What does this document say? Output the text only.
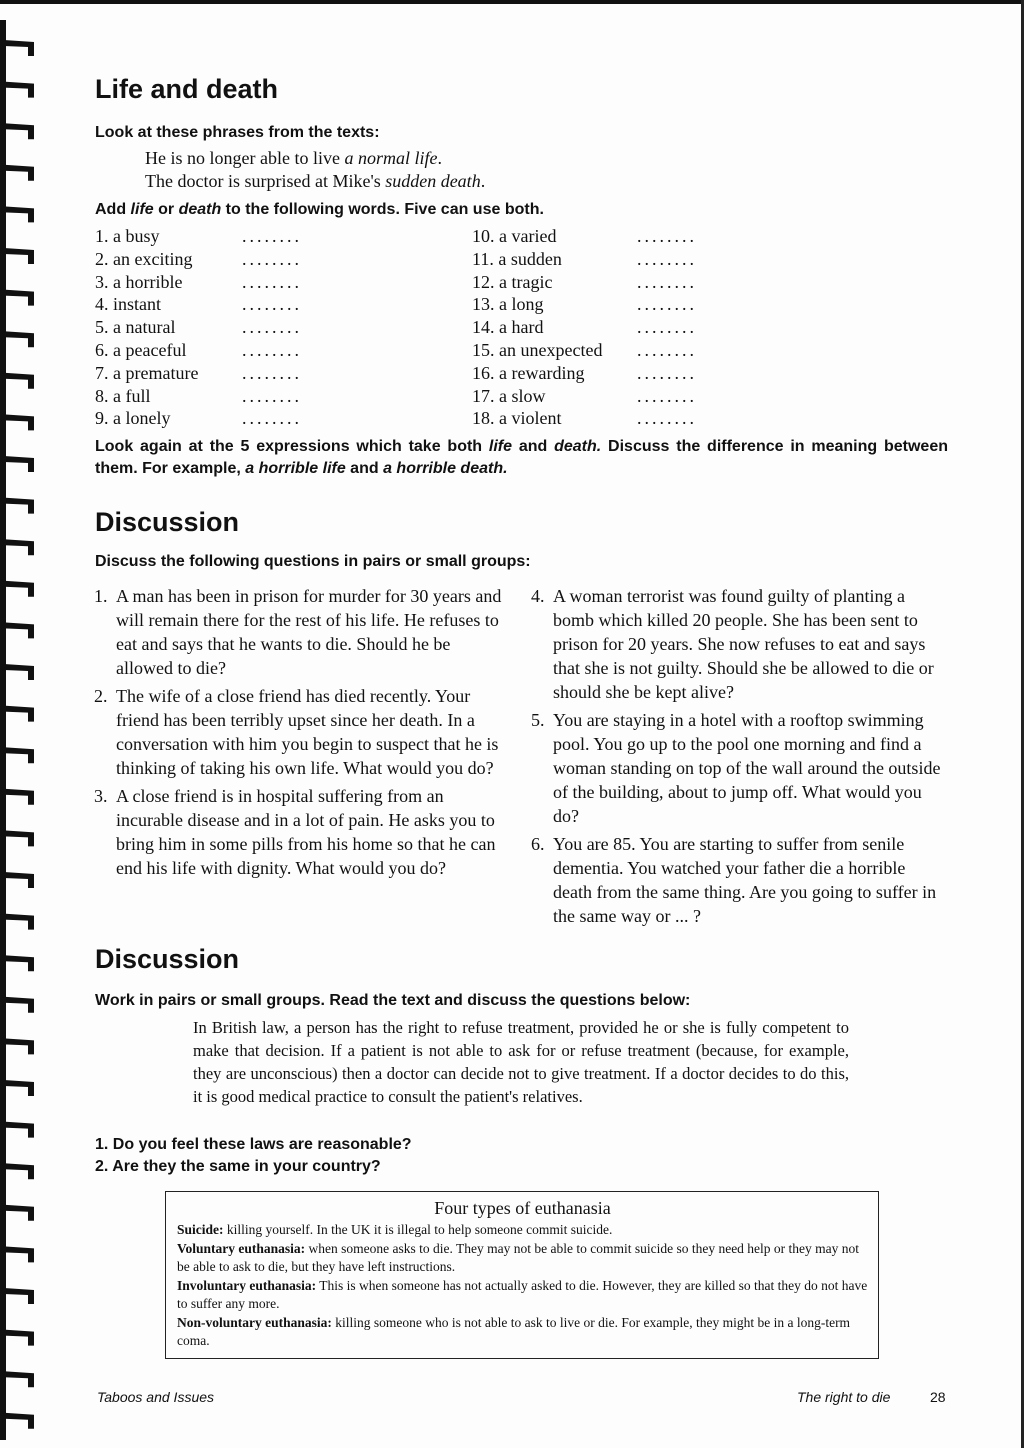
Life and death

Look at these phrases from the texts:

He is no longer able to live a normal life.
The doctor is surprised at Mike's sudden death.

Add life or death to the following words. Five can use both.

1. a busy	........
2. an exciting	........
3. a horrible	........
4. instant	........
5. a natural	........
6. a peaceful	........
7. a premature ........
8. a full	........
9. a lonely	........
10. a varied	........
11. a sudden	........
12. a tragic	........
13. a long	........
14. a hard	........
15. an unexpected ........
16. a rewarding	........
17. a slow	........
18. a violent	........

Look again at the 5 expressions which take both life and death. Discuss the difference in meaning between them. For example, a horrible life and a horrible death.

Discussion

Discuss the following questions in pairs or small groups:

1. A man has been in prison for murder for 30 years and will remain there for the rest of his life. He refuses to eat and says that he wants to die. Should he be allowed to die?
2. The wife of a close friend has died recently. Your friend has been terribly upset since her death. In a conversation with him you begin to suspect that he is thinking of taking his own life. What would you do?
3. A close friend is in hospital suffering from an incurable disease and in a lot of pain. He asks you to bring him in some pills from his home so that he can end his life with dignity. What would you do?
4. A woman terrorist was found guilty of planting a bomb which killed 20 people. She has been sent to prison for 20 years. She now refuses to eat and says that she is not guilty. Should she be allowed to die or should she be kept alive?
5. You are staying in a hotel with a rooftop swimming pool. You go up to the pool one morning and find a woman standing on top of the wall around the outside of the building, about to jump off. What would you do?
6. You are 85. You are starting to suffer from senile dementia. You watched your father die a horrible death from the same thing. Are you going to suffer in the same way or ... ?
Discussion

Work in pairs or small groups. Read the text and discuss the questions below:

In British law, a person has the right to refuse treatment, provided he or she is fully competent to make that decision. If a patient is not able to ask for or refuse treatment (because, for example, they are unconscious) then a doctor can decide not to give treatment. If a doctor decides to do this, it is good medical practice to consult the patient's relatives.

1. Do you feel these laws are reasonable?

2. Are they the same in your country?

Four types of euthanasia

Suicide: killing yourself. In the UK it is illegal to help someone commit suicide.

Voluntary euthanasia: when someone asks to die. They may not be able to commit suicide so they need help or they may not be able to ask to die, but they have left instructions.

Involuntary euthanasia: This is when someone has not actually asked to die. However, they are killed so that they do not have to suffer any more.

Non-voluntary euthanasia: killing someone who is not able to ask to live or die. For example, they might be in a long-term coma.

Taboos and Issues	The right to die	28
